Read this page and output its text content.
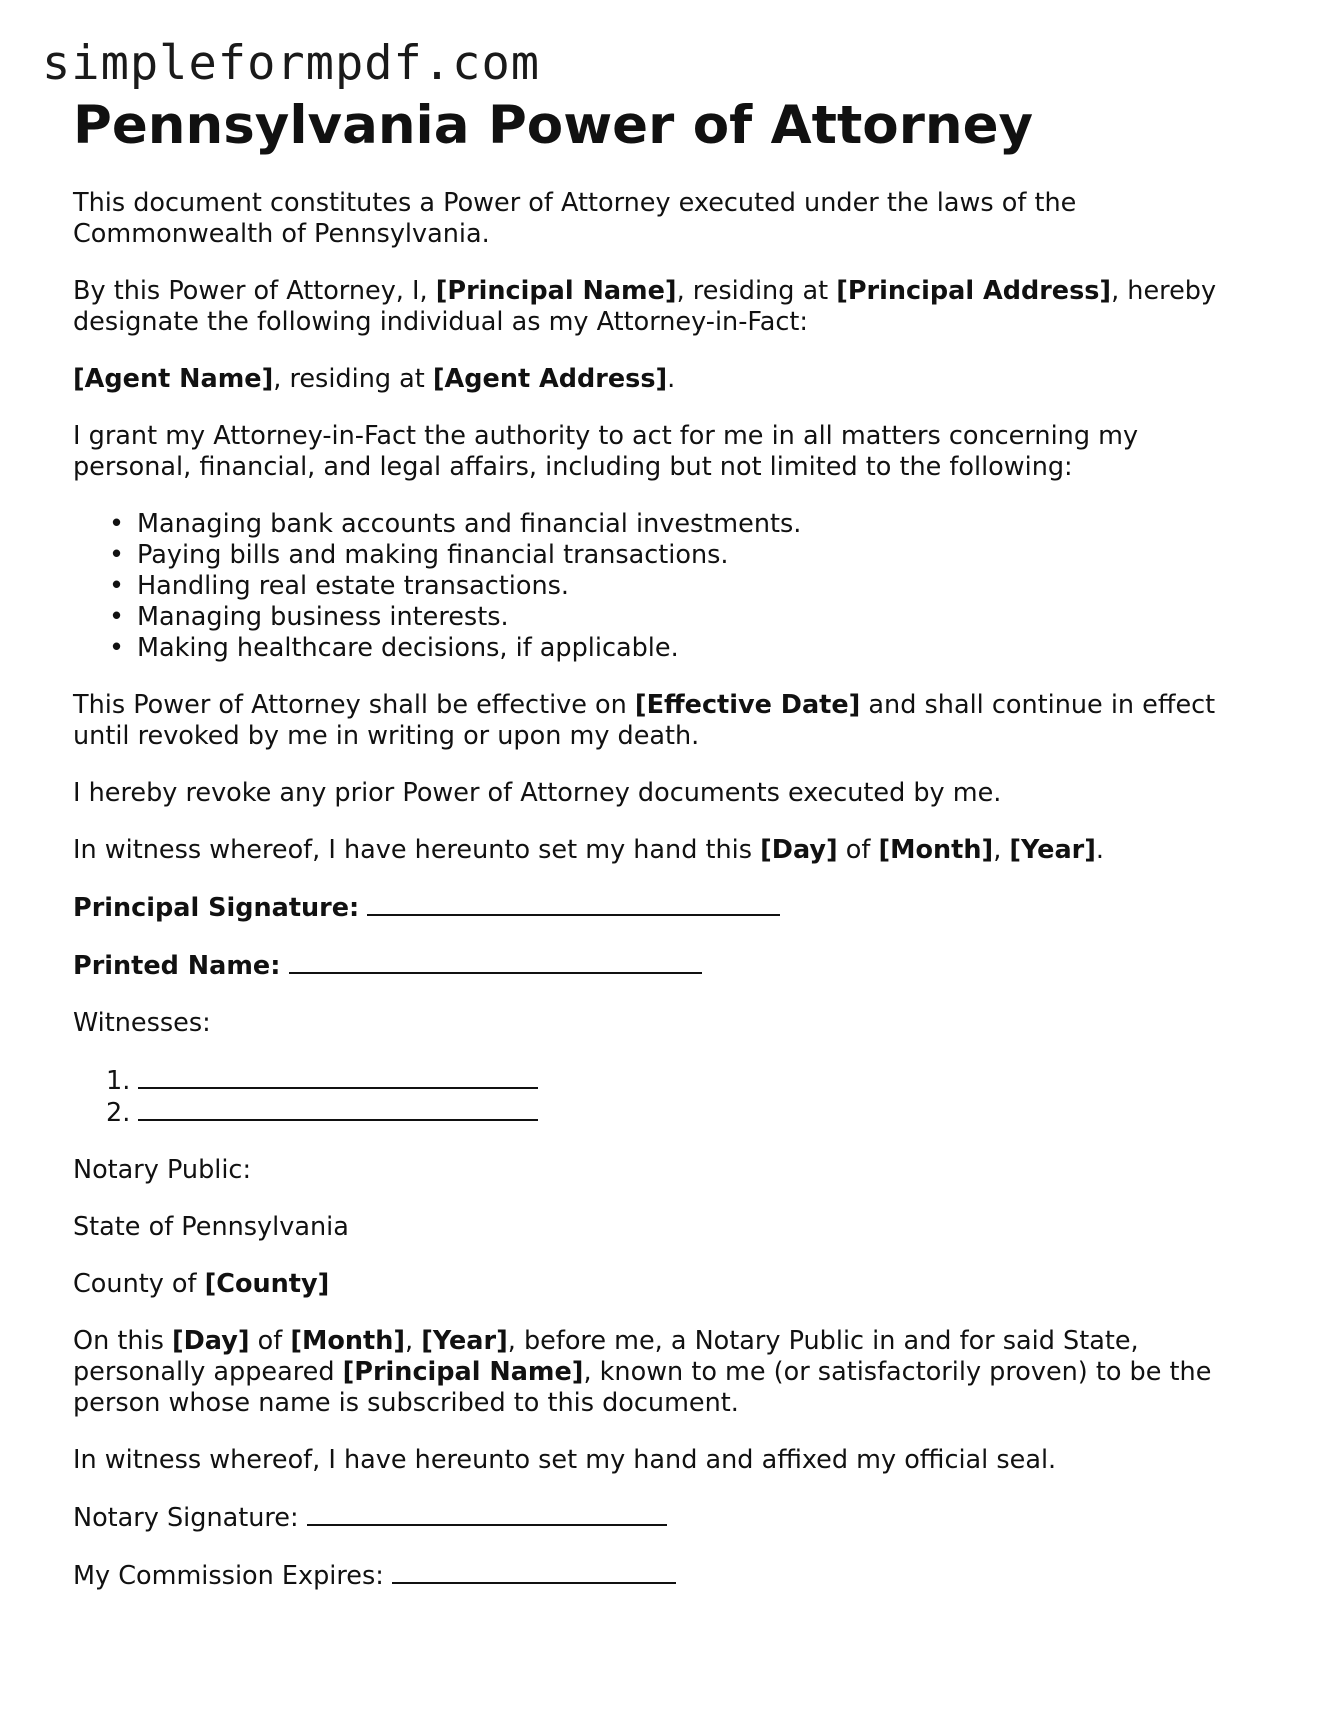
simpleformpdf.com
Pennsylvania Power of Attorney

This document constitutes a Power of Attorney executed under the laws of the Commonwealth of Pennsylvania.

By this Power of Attorney, I, [Principal Name], residing at [Principal Address], hereby designate the following individual as my Attorney-in-Fact:

[Agent Name], residing at [Agent Address].

I grant my Attorney-in-Fact the authority to act for me in all matters concerning my personal, financial, and legal affairs, including but not limited to the following:

• Managing bank accounts and financial investments.
• Paying bills and making financial transactions.
• Handling real estate transactions.
• Managing business interests.
• Making healthcare decisions, if applicable.

This Power of Attorney shall be effective on [Effective Date] and shall continue in effect until revoked by me in writing or upon my death.

I hereby revoke any prior Power of Attorney documents executed by me.

In witness whereof, I have hereunto set my hand this [Day] of [Month], [Year].

Principal Signature:

Printed Name:

Witnesses:

1.
2.

Notary Public:

State of Pennsylvania

County of [County]

On this [Day] of [Month], [Year], before me, a Notary Public in and for said State, personally appeared [Principal Name], known to me (or satisfactorily proven) to be the person whose name is subscribed to this document.

In witness whereof, I have hereunto set my hand and affixed my official seal.

Notary Signature:

My Commission Expires:
